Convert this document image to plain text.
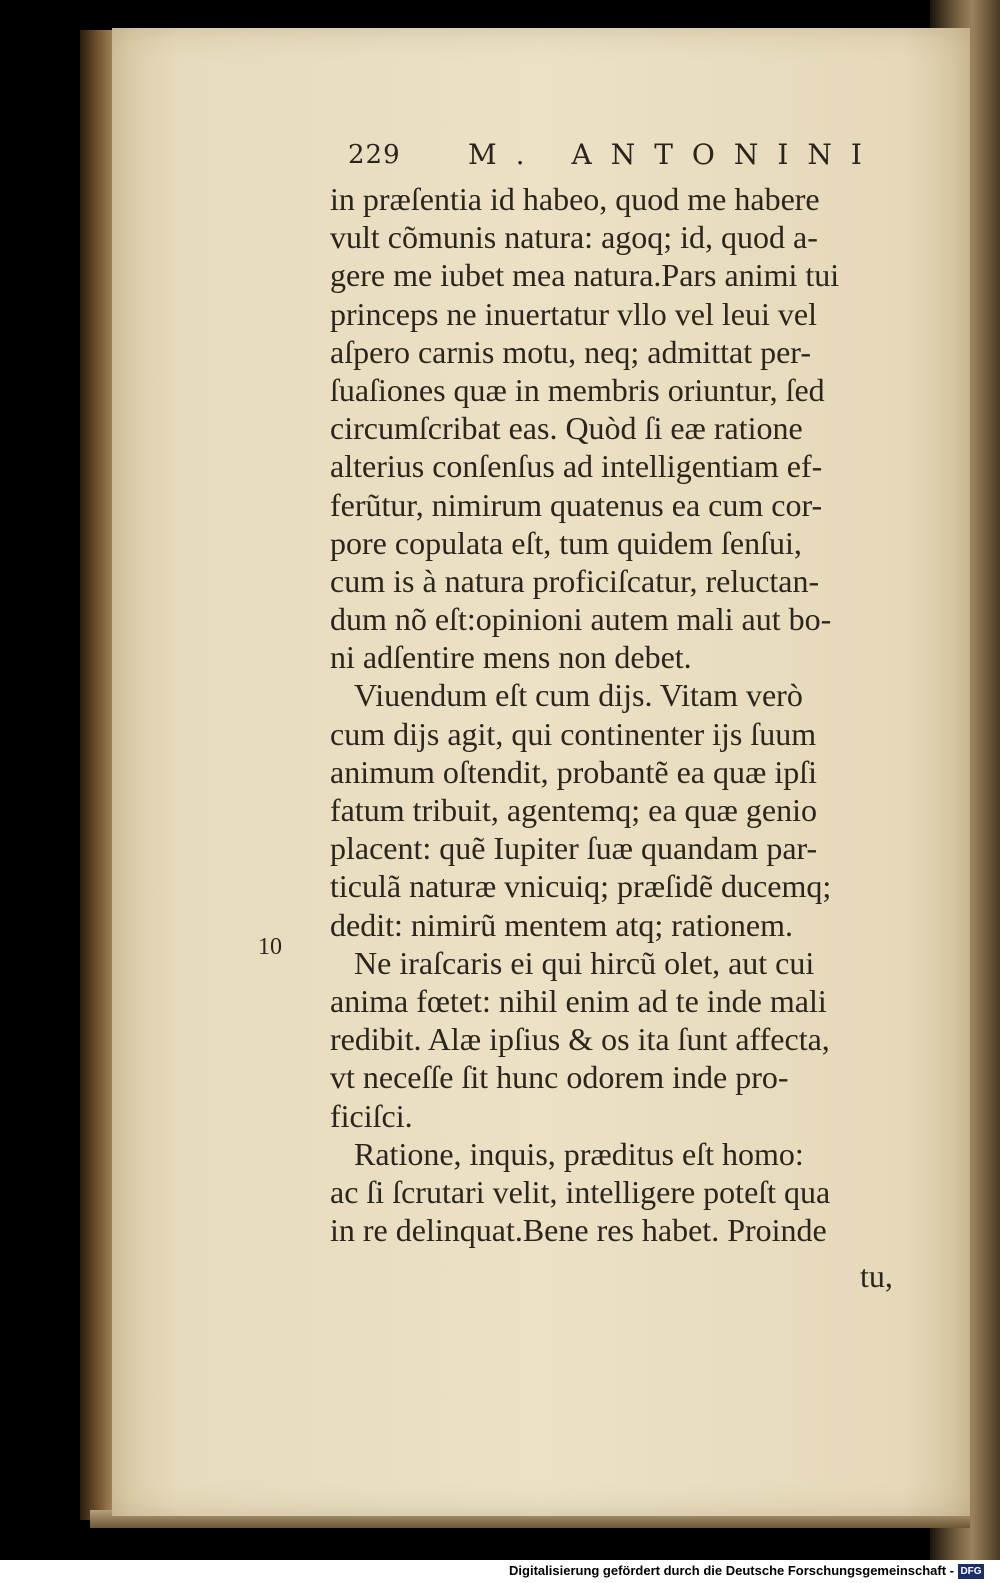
229 M. ANTONINI
in præſentia id habeo, quod me habere
vult cõmunis natura: agoq; id, quod a-
gere me iubet mea natura.Pars animi tui
princeps ne inuertatur vllo vel leui vel
aſpero carnis motu, neq; admittat per-
ſuaſiones quæ in membris oriuntur, ſed
circumſcribat eas. Quòd ſi eæ ratione
alterius conſenſus ad intelligentiam ef-
ferũtur, nimirum quatenus ea cum cor-
pore copulata eſt, tum quidem ſenſui,
cum is à natura proficiſcatur, reluctan-
dum nõ eſt:opinioni autem mali aut bo-
ni adſentire mens non debet.
Viuendum eſt cum dijs. Vitam verò
cum dijs agit, qui continenter ijs ſuum
animum oſtendit, probantẽ ea quæ ipſi
fatum tribuit, agentemq; ea quæ genio
placent: quẽ Iupiter ſuæ quandam par-
ticulã naturæ vnicuiq; præſidẽ ducemq;
dedit: nimirũ mentem atq; rationem.
Ne iraſcaris ei qui hircũ olet, aut cui
anima fœtet: nihil enim ad te inde mali
redibit. Alæ ipſius & os ita ſunt affecta,
vt neceſſe ſit hunc odorem inde pro-
ficiſci.
Ratione, inquis, præditus eſt homo:
ac ſi ſcrutari velit, intelligere poteſt qua
in re delinquat.Bene res habet. Proinde
10
tu,
Digitalisierung gefördert durch die Deutsche Forschungsgemeinschaft - DFG
